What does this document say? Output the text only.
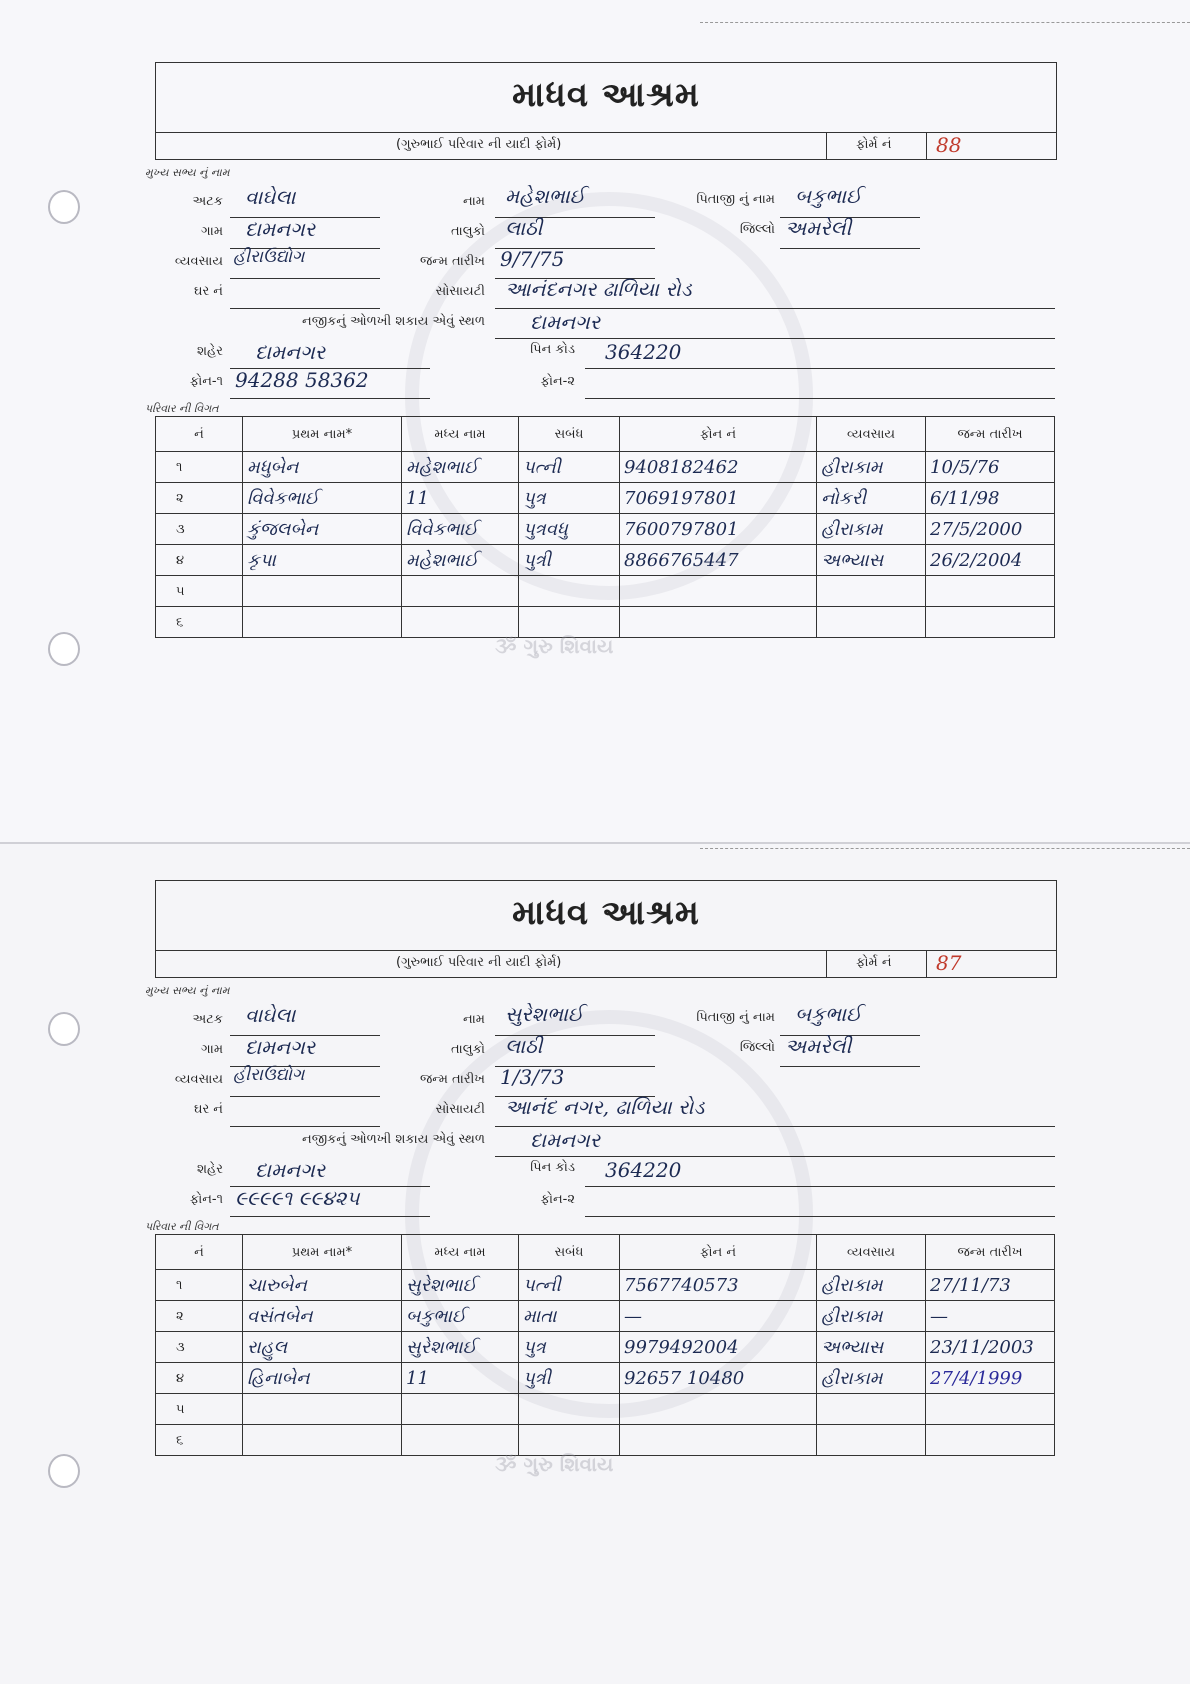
માધવ આશ્રમ
(ગુરુભાઈ પરિવાર ની યાદી ફોર્મ)	ફોર્મ નં 88
મુખ્ય સભ્ય નું નામ
અટક વાઘેલા	નામ મહેશભાઈ	પિતાજી નું નામ બકુભાઈ
ગામ દામનગર	તાલુકો લાઠી	જિલ્લો અમરેલી
વ્યવસાય હીરાઉદ્યોગ	જન્મ તારીખ 9/7/75
ઘર નં	સોસાયટી આનંદનગર ઢાળિયા રોડ
નજીકનું ઓળખી શકાય એવું સ્થળ દામનગર
શહેર દામનગર	પિન કોડ 364220
ફોન-૧ 94288 58362	ફોન-૨
પરિવાર ની વિગત
નં	પ્રથમ નામ*	મધ્ય નામ	સબંધ	ફોન નં	વ્યવસાય	જન્મ તારીખ
૧	મધુબેન	મહેશભાઈ	પત્ની	9408182462	હીરાકામ	10/5/76
૨	વિવેકભાઈ	11	પુત્ર	7069197801	નોકરી	6/11/98
૩	કુંજલબેન	વિવેકભાઈ	પુત્રવધુ	7600797801	હીરાકામ	27/5/2000
૪	કૃપા	મહેશભાઈ	પુત્રી	8866765447	અભ્યાસ	26/2/2004
૫						
૬						
ૐ ગુરુ શિવાય
માધવ આશ્રમ
(ગુરુભાઈ પરિવાર ની યાદી ફોર્મ)	ફોર્મ નં 87
મુખ્ય સભ્ય નું નામ
અટક વાઘેલા	નામ સુરેશભાઈ	પિતાજી નું નામ બકુભાઈ
ગામ દામનગર	તાલુકો લાઠી	જિલ્લો અમરેલી
વ્યવસાય હીરાઉદ્યોગ	જન્મ તારીખ 1/3/73
ઘર નં	સોસાયટી આનંદ નગર, ઢાળિયા રોડ
નજીકનું ઓળખી શકાય એવું સ્થળ દામનગર
શહેર દામનગર	પિન કોડ 364220
ફોન-૧ ૯૯૯૯૧ ૯૯૪૨૫	ફોન-૨
પરિવાર ની વિગત
નં	પ્રથમ નામ*	મધ્ય નામ	સબંધ	ફોન નં	વ્યવસાય	જન્મ તારીખ
૧	ચારુબેન	સુરેશભાઈ	પત્ની	7567740573	હીરાકામ	27/11/73
૨	વસંતબેન	બકુભાઈ	માતા	—	હીરાકામ	—
૩	રાહુલ	સુરેશભાઈ	પુત્ર	9979492004	અભ્યાસ	23/11/2003
૪	હિનાબેન	11	પુત્રી	92657 10480	હીરાકામ	27/4/1999
૫						
૬						
ૐ ગુરુ શિવાય
